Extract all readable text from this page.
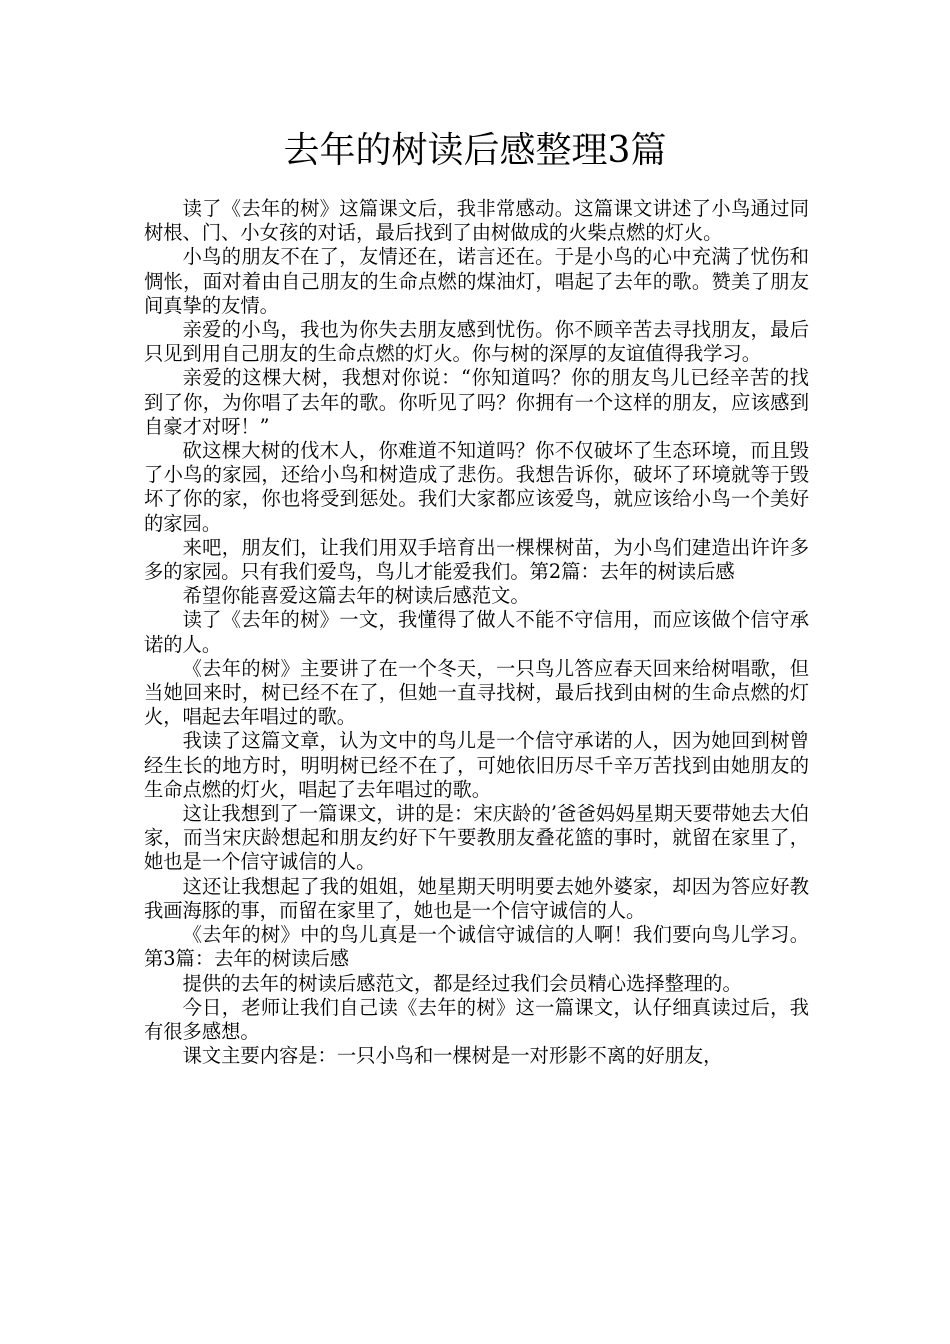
去年的树读后感整理3篇

读了《去年的树》这篇课文后，我非常感动。这篇课文讲述了小鸟通过同树根、门、小女孩的对话，最后找到了由树做成的火柴点燃的灯火。

小鸟的朋友不在了，友情还在，诺言还在。于是小鸟的心中充满了忧伤和惆怅，面对着由自己朋友的生命点燃的煤油灯，唱起了去年的歌。赞美了朋友间真挚的友情。

亲爱的小鸟，我也为你失去朋友感到忧伤。你不顾辛苦去寻找朋友，最后只见到用自己朋友的生命点燃的灯火。你与树的深厚的友谊值得我学习。

亲爱的这棵大树，我想对你说：“你知道吗？你的朋友鸟儿已经辛苦的找到了你，为你唱了去年的歌。你听见了吗？你拥有一个这样的朋友，应该感到自豪才对呀！”

砍这棵大树的伐木人，你难道不知道吗？你不仅破坏了生态环境，而且毁了小鸟的家园，还给小鸟和树造成了悲伤。我想告诉你，破坏了环境就等于毁坏了你的家，你也将受到惩处。我们大家都应该爱鸟，就应该给小鸟一个美好的家园。

来吧，朋友们，让我们用双手培育出一棵棵树苗，为小鸟们建造出许许多多的家园。只有我们爱鸟，鸟儿才能爱我们。第2篇：去年的树读后感

希望你能喜爱这篇去年的树读后感范文。

读了《去年的树》一文，我懂得了做人不能不守信用，而应该做个信守承诺的人。

《去年的树》主要讲了在一个冬天，一只鸟儿答应春天回来给树唱歌，但当她回来时，树已经不在了，但她一直寻找树，最后找到由树的生命点燃的灯火，唱起去年唱过的歌。

我读了这篇文章，认为文中的鸟儿是一个信守承诺的人，因为她回到树曾经生长的地方时，明明树已经不在了，可她依旧历尽千辛万苦找到由她朋友的生命点燃的灯火，唱起了去年唱过的歌。

这让我想到了一篇课文，讲的是：宋庆龄的’爸爸妈妈星期天要带她去大伯家，而当宋庆龄想起和朋友约好下午要教朋友叠花篮的事时，就留在家里了，她也是一个信守诚信的人。

这还让我想起了我的姐姐，她星期天明明要去她外婆家，却因为答应好教我画海豚的事，而留在家里了，她也是一个信守诚信的人。

《去年的树》中的鸟儿真是一个诚信守诚信的人啊！我们要向鸟儿学习。第3篇：去年的树读后感

提供的去年的树读后感范文，都是经过我们会员精心选择整理的。

今日，老师让我们自己读《去年的树》这一篇课文，认仔细真读过后，我有很多感想。

课文主要内容是：一只小鸟和一棵树是一对形影不离的好朋友，
